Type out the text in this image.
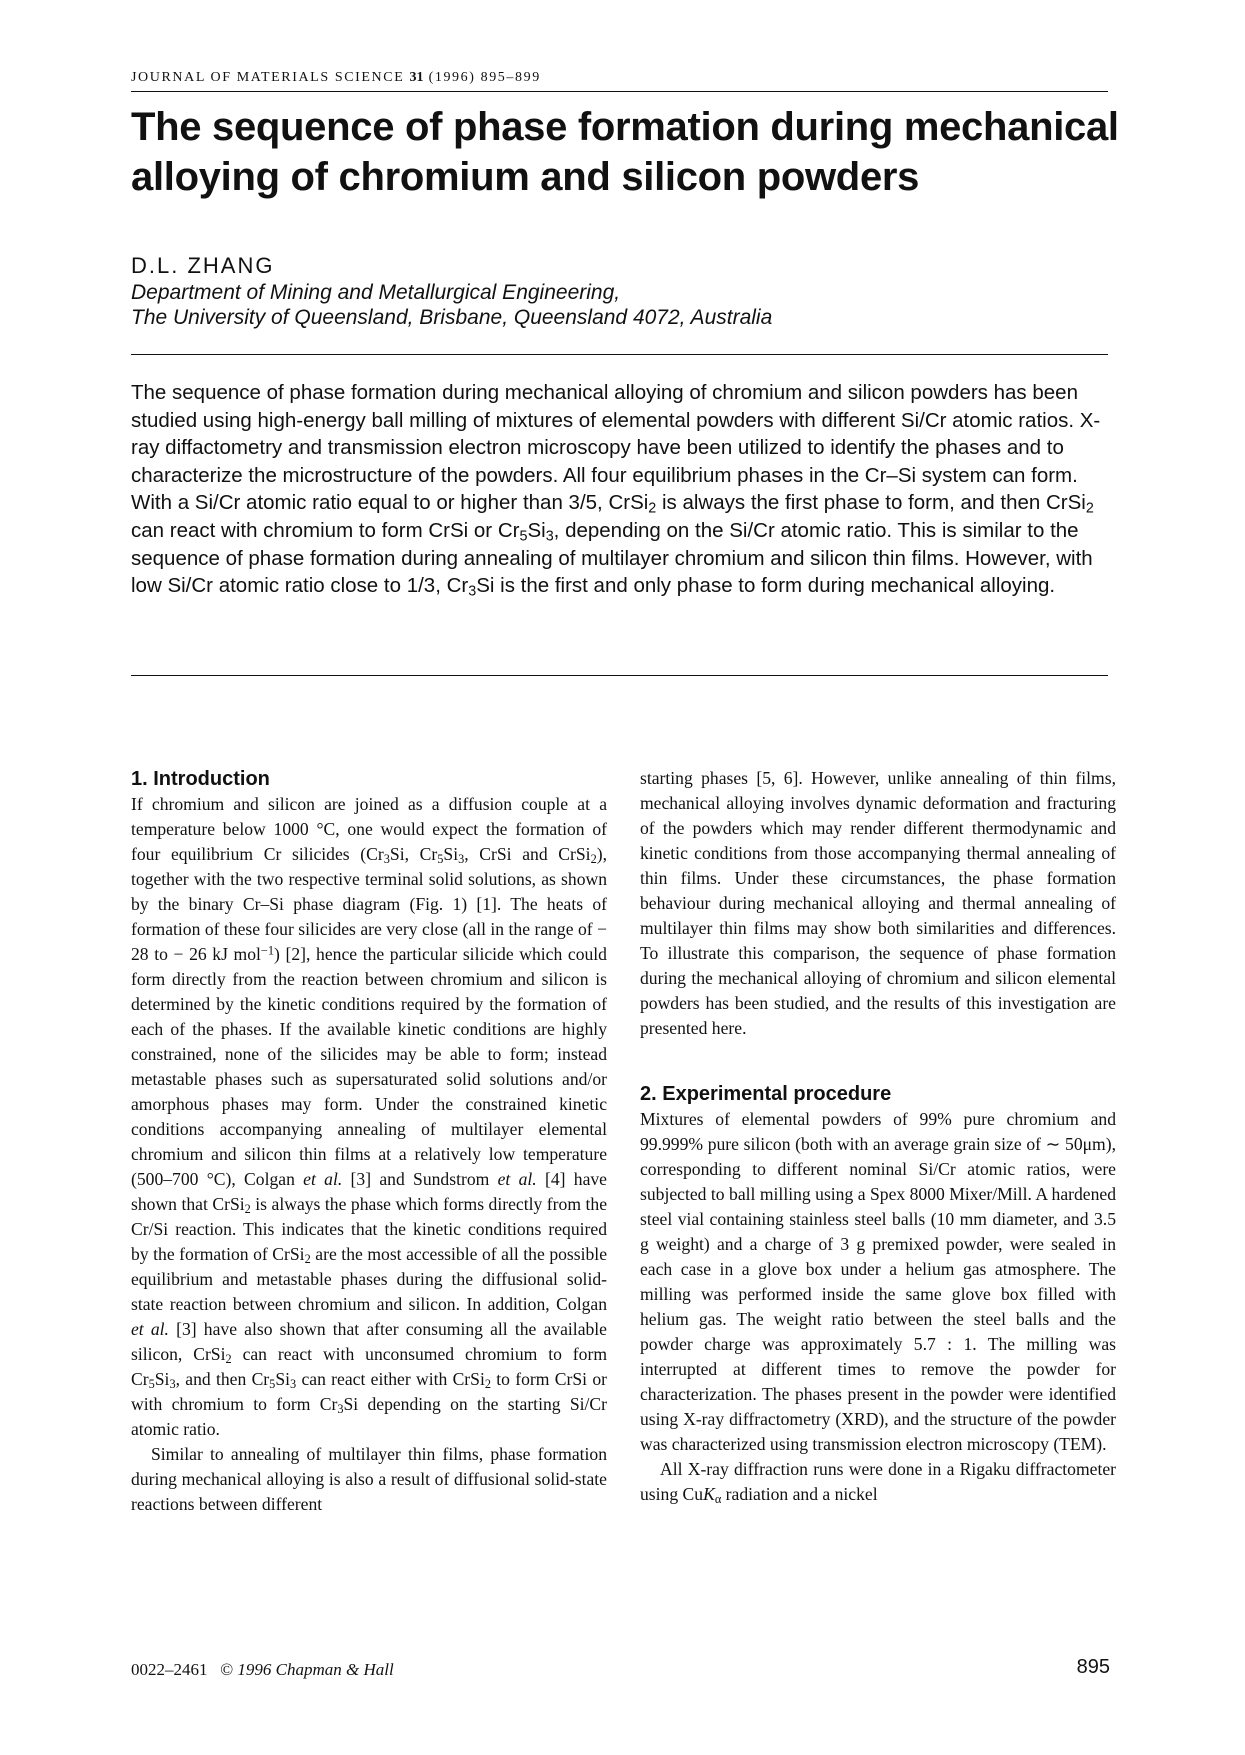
JOURNAL OF MATERIALS SCIENCE 31 (1996) 895–899
The sequence of phase formation during mechanical alloying of chromium and silicon powders
D.L. ZHANG
Department of Mining and Metallurgical Engineering,
The University of Queensland, Brisbane, Queensland 4072, Australia

The sequence of phase formation during mechanical alloying of chromium and silicon powders has been studied using high-energy ball milling of mixtures of elemental powders with different Si/Cr atomic ratios. X-ray diffactometry and transmission electron microscopy have been utilized to identify the phases and to characterize the microstructure of the powders. All four equilibrium phases in the Cr–Si system can form. With a Si/Cr atomic ratio equal to or higher than 3/5, CrSi$_2$ is always the first phase to form, and then CrSi$_2$ can react with chromium to form CrSi or $Cr_5Si_3$, depending on the Si/Cr atomic ratio. This is similar to the sequence of phase formation during annealing of multilayer chromium and silicon thin films. However, with low Si/Cr atomic ratio close to 1/3, $Cr_3Si$ is the first and only phase to form during mechanical alloying.

1. Introduction

If chromium and silicon are joined as a diffusion couple at a temperature below 1000 °C, one would expect the formation of four equilibrium Cr silicides ($Cr_3Si$, $Cr_5Si_3$, CrSi and CrSi$_2$), together with the two respective terminal solid solutions, as shown by the binary Cr–Si phase diagram (Fig. 1) [1]. The heats of formation of these four silicides are very close (all in the range of − 28 to − 26 kJ mol$^{-1}$) [2], hence the particular silicide which could form directly from the reaction between chromium and silicon is determined by the kinetic conditions required by the formation of each of the phases. If the available kinetic conditions are highly constrained, none of the silicides may be able to form; instead metastable phases such as supersaturated solid solutions and/or amorphous phases may form. Under the constrained kinetic conditions accompanying annealing of multilayer elemental chromium and silicon thin films at a relatively low temperature (500–700 °C), Colgan et al. [3] and Sundstrom et al. [4] have shown that CrSi$_2$ is always the phase which forms directly from the Cr/Si reaction. This indicates that the kinetic conditions required by the formation of CrSi$_2$ are the most accessible of all the possible equilibrium and metastable phases during the diffusional solid-state reaction between chromium and silicon. In addition, Colgan et al. [3] have also shown that after consuming all the available silicon, CrSi$_2$ can react with unconsumed chromium to form $Cr_5Si_3$, and then $Cr_5Si_3$ can react either with CrSi$_2$ to form CrSi or with chromium to form $Cr_3Si$ depending on the starting Si/Cr atomic ratio.

Similar to annealing of multilayer thin films, phase formation during mechanical alloying is also a result of diffusional solid-state reactions between different

starting phases [5, 6]. However, unlike annealing of thin films, mechanical alloying involves dynamic deformation and fracturing of the powders which may render different thermodynamic and kinetic conditions from those accompanying thermal annealing of thin films. Under these circumstances, the phase formation behaviour during mechanical alloying and thermal annealing of multilayer thin films may show both similarities and differences. To illustrate this comparison, the sequence of phase formation during the mechanical alloying of chromium and silicon elemental powders has been studied, and the results of this investigation are presented here.

2. Experimental procedure

Mixtures of elemental powders of 99% pure chromium and 99.999% pure silicon (both with an average grain size of ∼ 50μm), corresponding to different nominal Si/Cr atomic ratios, were subjected to ball milling using a Spex 8000 Mixer/Mill. A hardened steel vial containing stainless steel balls (10 mm diameter, and 3.5 g weight) and a charge of 3 g premixed powder, were sealed in each case in a glove box under a helium gas atmosphere. The milling was performed inside the same glove box filled with helium gas. The weight ratio between the steel balls and the powder charge was approximately 5.7 : 1. The milling was interrupted at different times to remove the powder for characterization. The phases present in the powder were identified using X-ray diffractometry (XRD), and the structure of the powder was characterized using transmission electron microscopy (TEM).

All X-ray diffraction runs were done in a Rigaku diffractometer using CuK$_\alpha$ radiation and a nickel

0022–2461 © 1996 Chapman & Hall	895
